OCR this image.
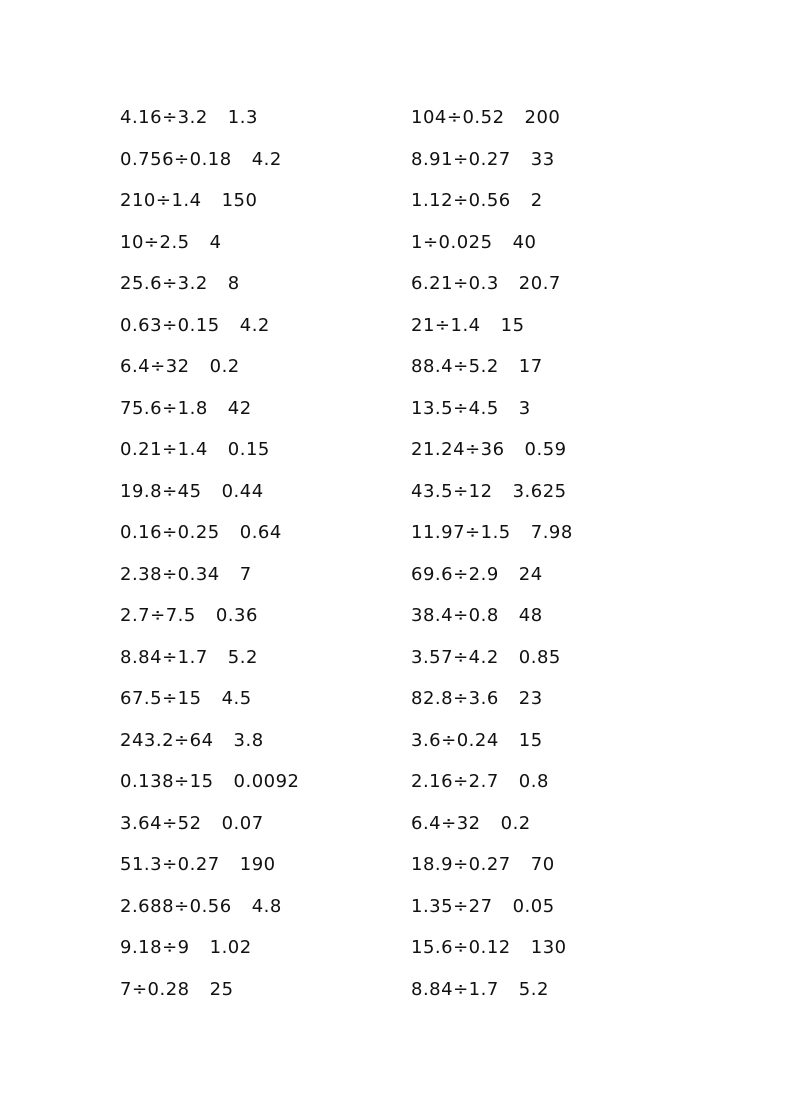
4.16÷3.2 1.3
0.756÷0.18 4.2
210÷1.4 150
10÷2.5 4
25.6÷3.2 8
0.63÷0.15 4.2
6.4÷32 0.2
75.6÷1.8 42
0.21÷1.4 0.15
19.8÷45 0.44
0.16÷0.25 0.64
2.38÷0.34 7
2.7÷7.5 0.36
8.84÷1.7 5.2
67.5÷15 4.5
243.2÷64 3.8
0.138÷15 0.0092
3.64÷52 0.07
51.3÷0.27 190
2.688÷0.56 4.8
9.18÷9 1.02
7÷0.28 25
104÷0.52 200
8.91÷0.27 33
1.12÷0.56 2
1÷0.025 40
6.21÷0.3 20.7
21÷1.4 15
88.4÷5.2 17
13.5÷4.5 3
21.24÷36 0.59
43.5÷12 3.625
11.97÷1.5 7.98
69.6÷2.9 24
38.4÷0.8 48
3.57÷4.2 0.85
82.8÷3.6 23
3.6÷0.24 15
2.16÷2.7 0.8
6.4÷32 0.2
18.9÷0.27 70
1.35÷27 0.05
15.6÷0.12 130
8.84÷1.7 5.2
